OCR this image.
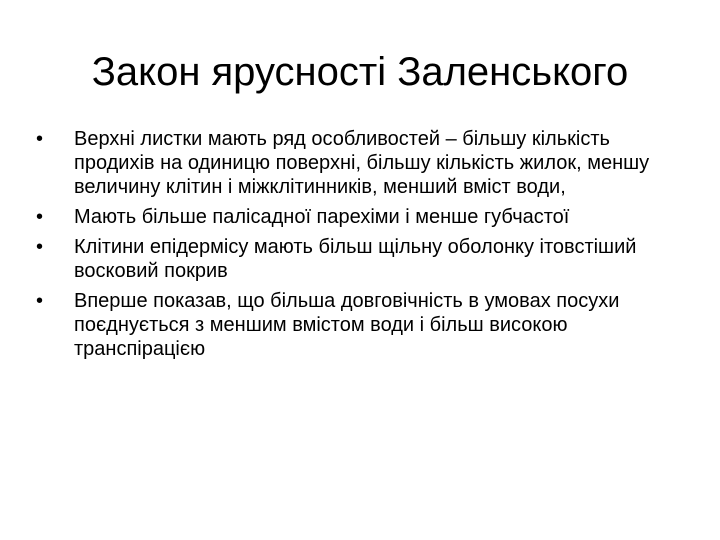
Закон ярусності Заленського
•	Верхні листки мають ряд особливостей – більшу кількість продихів на одиницю поверхні, більшу кількість жилок, меншу величину клітин і міжклітинників, менший вміст води,
•	Мають більше палісадної парехіми і менше губчастої
•	Клітини епідермісу мають більш щільну оболонку ітовстіший восковий покрив
•	Вперше показав, що більша довговічність в умовах посухи поєднується з меншим вмістом води і більш високою транспірацією
